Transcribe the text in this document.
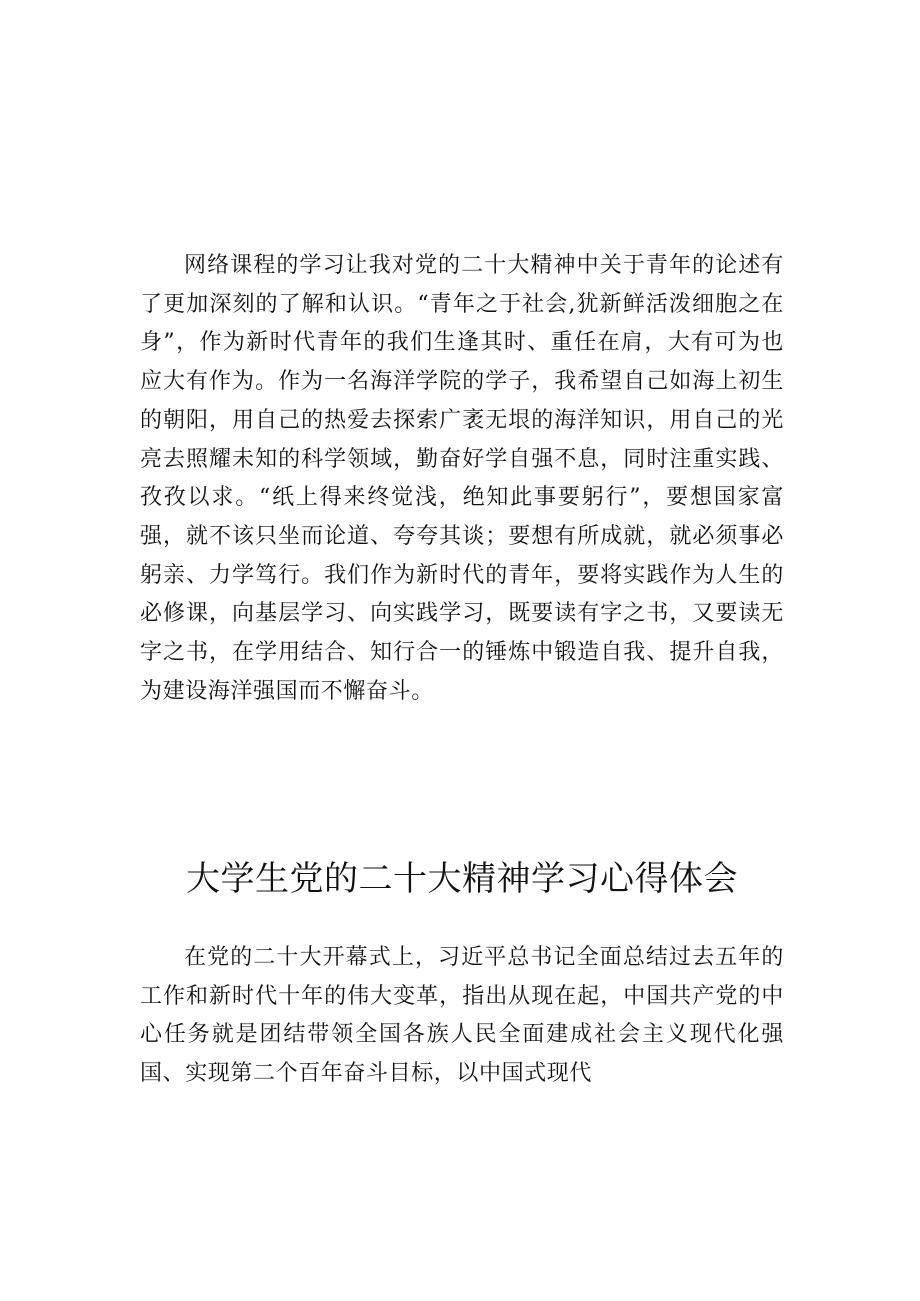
网络课程的学习让我对党的二十大精神中关于青年的论述有了更加深刻的了解和认识。“青年之于社会,犹新鲜活泼细胞之在身”，作为新时代青年的我们生逢其时、重任在肩，大有可为也应大有作为。作为一名海洋学院的学子，我希望自己如海上初生的朝阳，用自己的热爱去探索广袤无垠的海洋知识，用自己的光亮去照耀未知的科学领域，勤奋好学自强不息，同时注重实践、孜孜以求。“纸上得来终觉浅，绝知此事要躬行”，要想国家富强，就不该只坐而论道、夸夸其谈；要想有所成就，就必须事必躬亲、力学笃行。我们作为新时代的青年，要将实践作为人生的必修课，向基层学习、向实践学习，既要读有字之书，又要读无字之书，在学用结合、知行合一的锤炼中锻造自我、提升自我，为建设海洋强国而不懈奋斗。

大学生党的二十大精神学习心得体会

在党的二十大开幕式上，习近平总书记全面总结过去五年的工作和新时代十年的伟大变革，指出从现在起，中国共产党的中心任务就是团结带领全国各族人民全面建成社会主义现代化强国、实现第二个百年奋斗目标，以中国式现代
